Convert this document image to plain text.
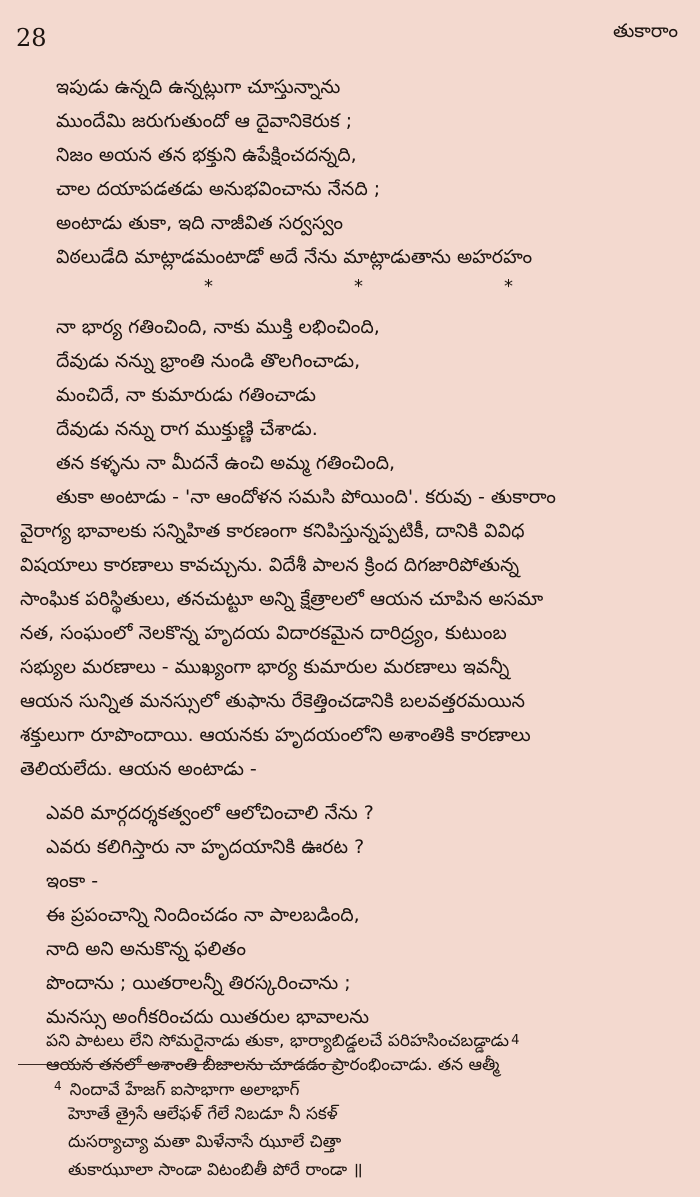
28	తుకారాం
ఇపుడు ఉన్నది ఉన్నట్లుగా చూస్తున్నాను
ముందేమి జరుగుతుందో ఆ దైవానికెరుక ;
నిజం అయన తన భక్తుని ఉపేక్షించదన్నది,
చాల దయాపడతడు అనుభవించాను నేనది ;
అంటాడు తుకా, ఇది నాజీవిత సర్వస్వం
విఠలుడేది మాట్లాడమంటాడో అదే నేను మాట్లాడుతాను అహరహం
*	*	*
నా భార్య గతించింది, నాకు ముక్తి లభించింది,
దేవుడు నన్ను భ్రాంతి నుండి తొలగించాడు,
మంచిదే, నా కుమారుడు గతించాడు
దేవుడు నన్ను రాగ ముక్తుణ్ణి చేశాడు.
తన కళ్ళను నా మీదనే ఉంచి అమ్మ గతించింది,
తుకా అంటాడు - 'నా ఆందోళన సమసి పోయింది'. కరువు - తుకారాం
వైరాగ్య భావాలకు సన్నిహిత కారణంగా కనిపిస్తున్నప్పటికీ, దానికి వివిధ
విషయాలు కారణాలు కావచ్చును. విదేశీ పాలన క్రింద దిగజారిపోతున్న
సాంఘిక పరిస్థితులు, తనచుట్టూ అన్ని క్షేత్రాలలో ఆయన చూపిన అసమా
నత, సంఘంలో నెలకొన్న హృదయ విదారకమైన దారిద్ర్యం, కుటుంబ
సభ్యుల మరణాలు - ముఖ్యంగా భార్య కుమారుల మరణాలు ఇవన్నీ
ఆయన సున్నిత మనస్సులో తుఫాను రేకెత్తించడానికి బలవత్తరమయిన
శక్తులుగా రూపొందాయి. ఆయనకు హృదయంలోని అశాంతికి కారణాలు
తెలియలేదు. ఆయన అంటాడు -
ఎవరి మార్గదర్శకత్వంలో ఆలోచించాలి నేను ?
ఎవరు కలిగిస్తారు నా హృదయానికి ఊరట ?
ఇంకా -
ఈ ప్రపంచాన్ని నిందించడం నా పాలబడింది,
నాది అని అనుకొన్న ఫలితం
పొందాను ; యితరాలన్నీ తిరస్కరించాను ;
మనస్సు అంగీకరించదు యితరుల భావాలను
పని పాటలు లేని సోమరైనాడు తుకా, భార్యాబిడ్డలచే పరిహసించబడ్డాడు $^4$
ఆయన తనలో అశాంతి బీజాలను చూడడం ప్రారంభించాడు. తన ఆత్మీ
$^4$ నిందావే హేజగ్ ఐసాభాగా అలాభాగ్
హెూతే త్రైసే ఆలేఫళ్ గేలే నిబడూ నీ సకళ్
దుసర్యాచ్యా మతా మిళేనాసే ఝూలే చిత్తా
తుకాఝూలా సాండా విటంబితీ పోరే రాండా ॥
